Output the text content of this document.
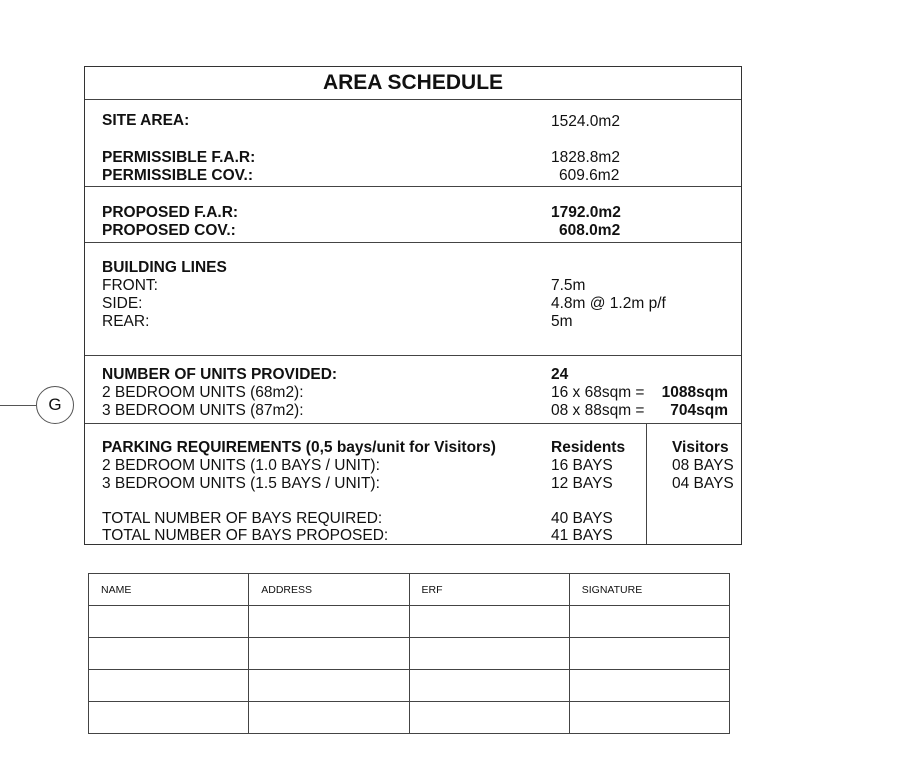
G
AREA SCHEDULE
SITE AREA:	1524.0m2
PERMISSIBLE F.A.R:	1828.8m2
PERMISSIBLE COV.:	609.6m2
PROPOSED F.A.R:	1792.0m2
PROPOSED COV.:	608.0m2
BUILDING LINES
FRONT:	7.5m
SIDE:	4.8m @ 1.2m p/f
REAR:	5m
NUMBER OF UNITS PROVIDED:	24
2 BEDROOM UNITS (68m2):	16 x 68sqm =	1088sqm
3 BEDROOM UNITS (87m2):	08 x 88sqm =	704sqm
PARKING REQUIREMENTS (0,5 bays/unit for Visitors)	Residents	Visitors
2 BEDROOM UNITS (1.0 BAYS / UNIT):	16 BAYS	08 BAYS
3 BEDROOM UNITS (1.5 BAYS / UNIT):	12 BAYS	04 BAYS
TOTAL NUMBER OF BAYS REQUIRED:	40 BAYS
TOTAL NUMBER OF BAYS PROPOSED:	41 BAYS
NAME	ADDRESS	ERF	SIGNATURE
